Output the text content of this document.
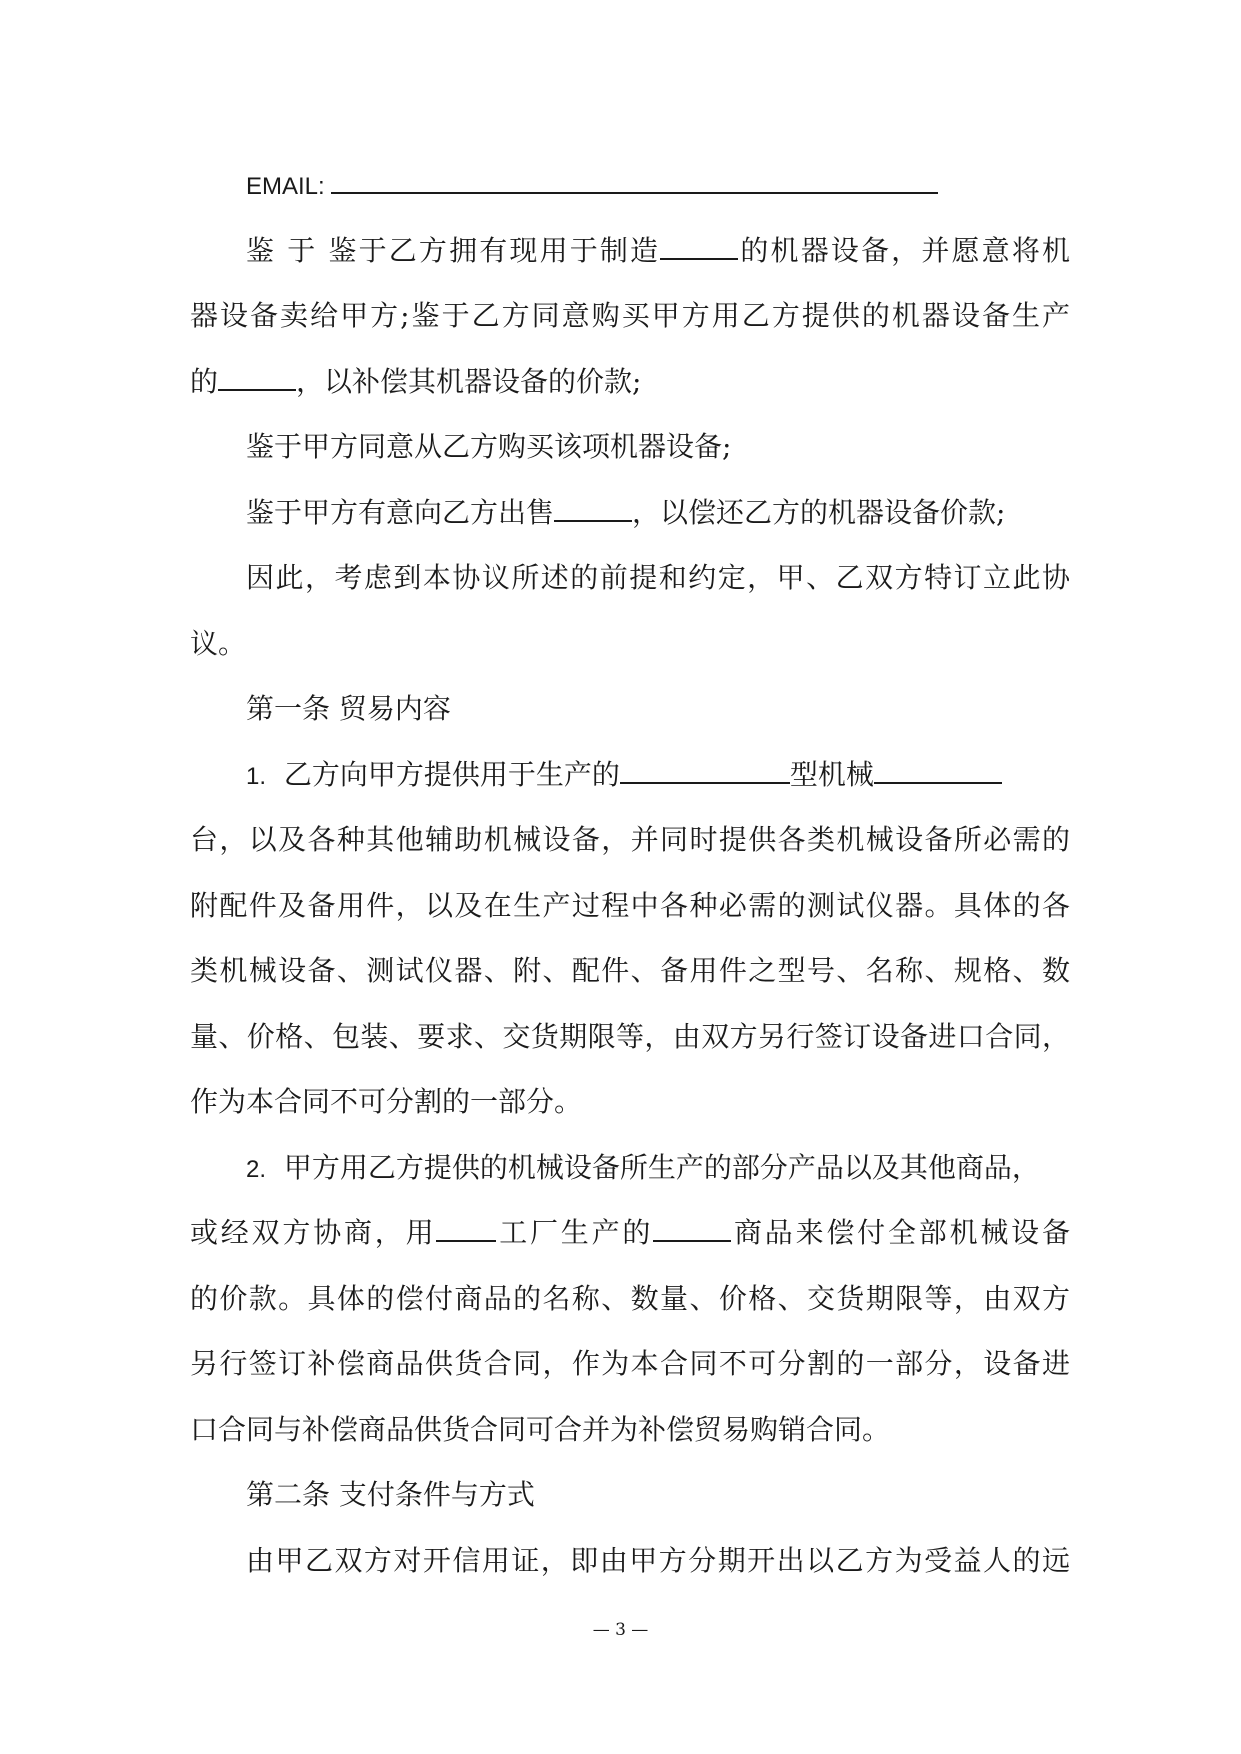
EMAIL:
鉴 于 鉴于乙方拥有现用于制造	的机器设备，并愿意将机
器设备卖给甲方;鉴于乙方同意购买甲方用乙方提供的机器设备生产
的	，以补偿其机器设备的价款;
鉴于甲方同意从乙方购买该项机器设备;
鉴于甲方有意向乙方出售	，以偿还乙方的机器设备价款;
因此，考虑到本协议所述的前提和约定，甲、乙双方特订立此协
议。
第一条 贸易内容
1. 乙方向甲方提供用于生产的	型机械
台，以及各种其他辅助机械设备，并同时提供各类机械设备所必需的
附配件及备用件，以及在生产过程中各种必需的测试仪器。具体的各
类机械设备、测试仪器、附、配件、备用件之型号、名称、规格、数
量、价格、包装、要求、交货期限等，由双方另行签订设备进口合同，
作为本合同不可分割的一部分。
2. 甲方用乙方提供的机械设备所生产的部分产品以及其他商品，
或经双方协商，用 工厂生产的	商品来偿付全部机械设备
的价款。具体的偿付商品的名称、数量、价格、交货期限等，由双方
另行签订补偿商品供货合同，作为本合同不可分割的一部分，设备进
口合同与补偿商品供货合同可合并为补偿贸易购销合同。
第二条 支付条件与方式
由甲乙双方对开信用证，即由甲方分期开出以乙方为受益人的远
— 3 —
